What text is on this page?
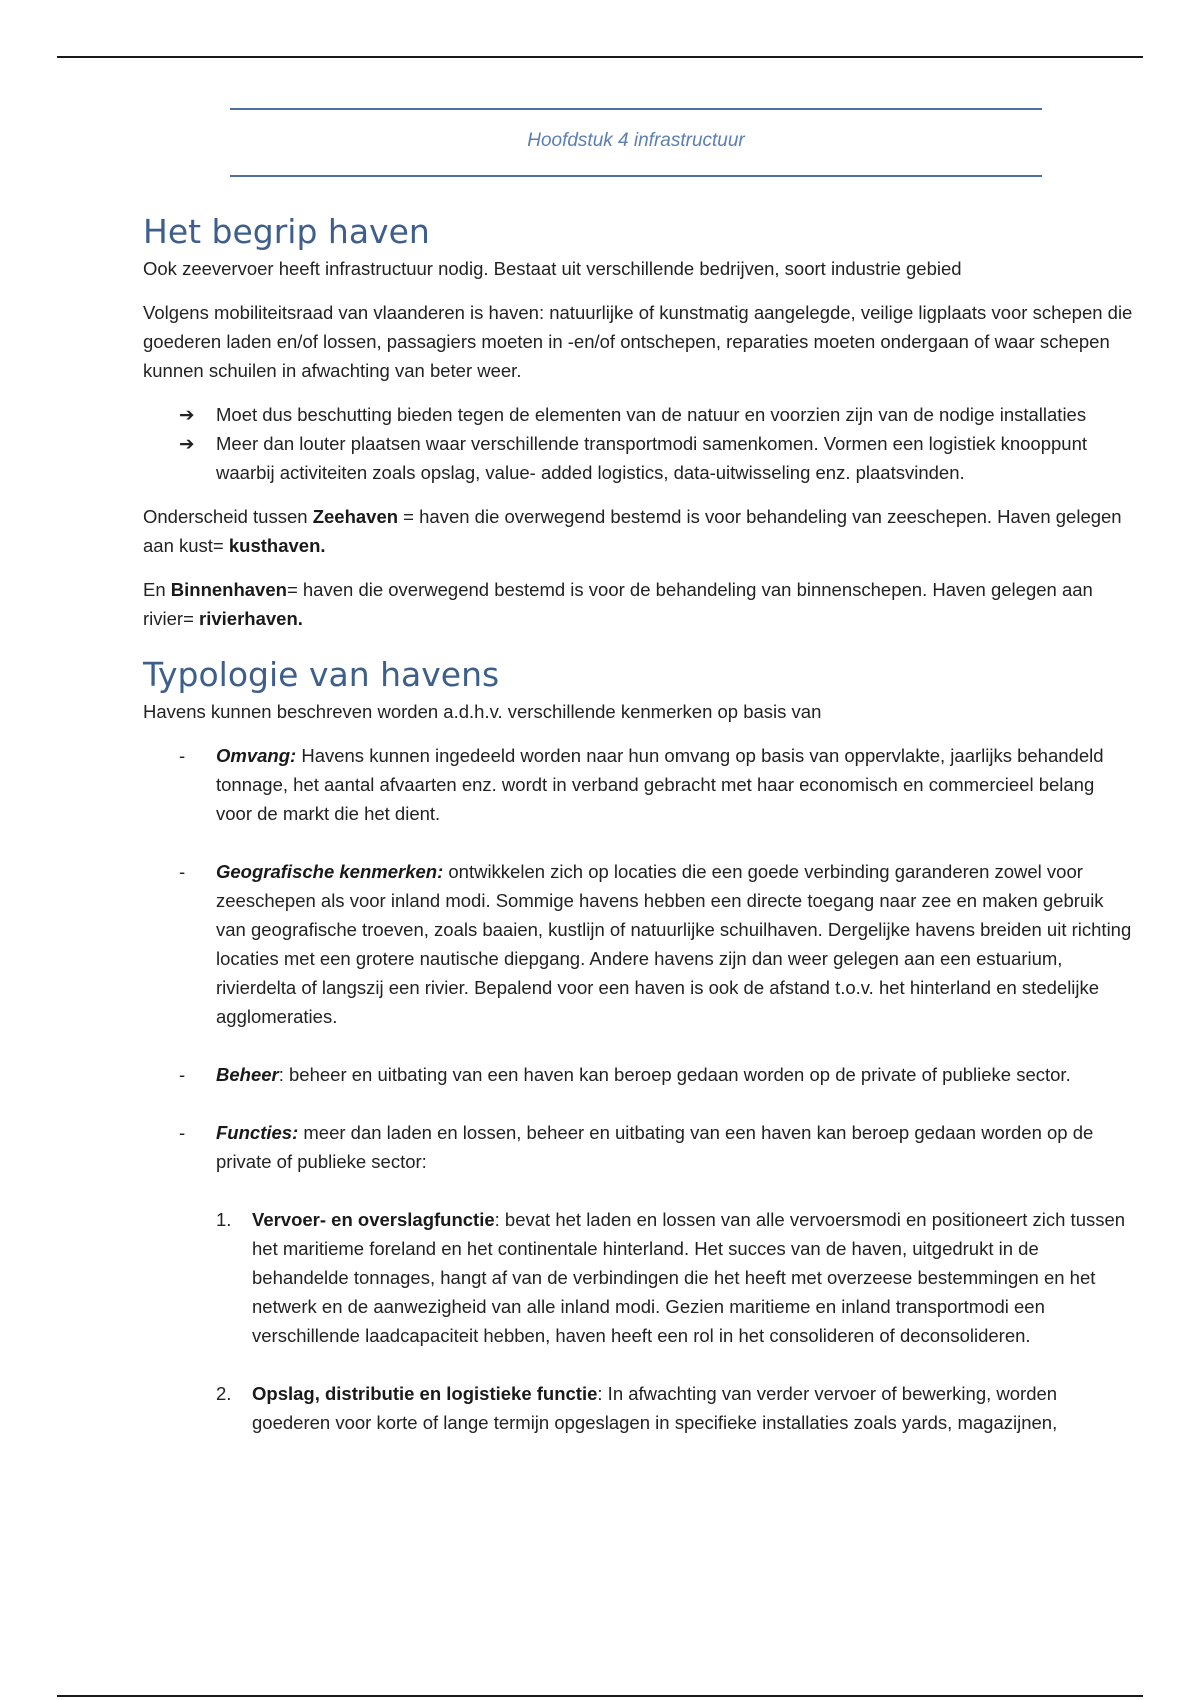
Hoofdstuk 4 infrastructuur
Het begrip haven

Ook zeevervoer heeft infrastructuur nodig. Bestaat uit verschillende bedrijven, soort industrie gebied

Volgens mobiliteitsraad van vlaanderen is haven: natuurlijke of kunstmatig aangelegde, veilige ligplaats voor schepen die goederen laden en/of lossen, passagiers moeten in -en/of ontschepen, reparaties moeten ondergaan of waar schepen kunnen schuilen in afwachting van beter weer.

➔ Moet dus beschutting bieden tegen de elementen van de natuur en voorzien zijn van de nodige installaties
➔ Meer dan louter plaatsen waar verschillende transportmodi samenkomen. Vormen een logistiek knooppunt waarbij activiteiten zoals opslag, value- added logistics, data-uitwisseling enz. plaatsvinden.

Onderscheid tussen Zeehaven = haven die overwegend bestemd is voor behandeling van zeeschepen. Haven gelegen aan kust= kusthaven.

En Binnenhaven= haven die overwegend bestemd is voor de behandeling van binnenschepen. Haven gelegen aan rivier= rivierhaven.

Typologie van havens

Havens kunnen beschreven worden a.d.h.v. verschillende kenmerken op basis van

- Omvang: Havens kunnen ingedeeld worden naar hun omvang op basis van oppervlakte, jaarlijks behandeld tonnage, het aantal afvaarten enz. wordt in verband gebracht met haar economisch en commercieel belang voor de markt die het dient.
- Geografische kenmerken: ontwikkelen zich op locaties die een goede verbinding garanderen zowel voor zeeschepen als voor inland modi. Sommige havens hebben een directe toegang naar zee en maken gebruik van geografische troeven, zoals baaien, kustlijn of natuurlijke schuilhaven. Dergelijke havens breiden uit richting locaties met een grotere nautische diepgang. Andere havens zijn dan weer gelegen aan een estuarium, rivierdelta of langszij een rivier. Bepalend voor een haven is ook de afstand t.o.v. het hinterland en stedelijke agglomeraties.
- Beheer: beheer en uitbating van een haven kan beroep gedaan worden op de private of publieke sector.
- Functies: meer dan laden en lossen, beheer en uitbating van een haven kan beroep gedaan worden op de private of publieke sector:
1. Vervoer- en overslagfunctie: bevat het laden en lossen van alle vervoersmodi en positioneert zich tussen het maritieme foreland en het continentale hinterland. Het succes van de haven, uitgedrukt in de behandelde tonnages, hangt af van de verbindingen die het heeft met overzeese bestemmingen en het netwerk en de aanwezigheid van alle inland modi. Gezien maritieme en inland transportmodi een verschillende laadcapaciteit hebben, haven heeft een rol in het consolideren of deconsolideren.
2. Opslag, distributie en logistieke functie: In afwachting van verder vervoer of bewerking, worden goederen voor korte of lange termijn opgeslagen in specifieke installaties zoals yards, magazijnen,
